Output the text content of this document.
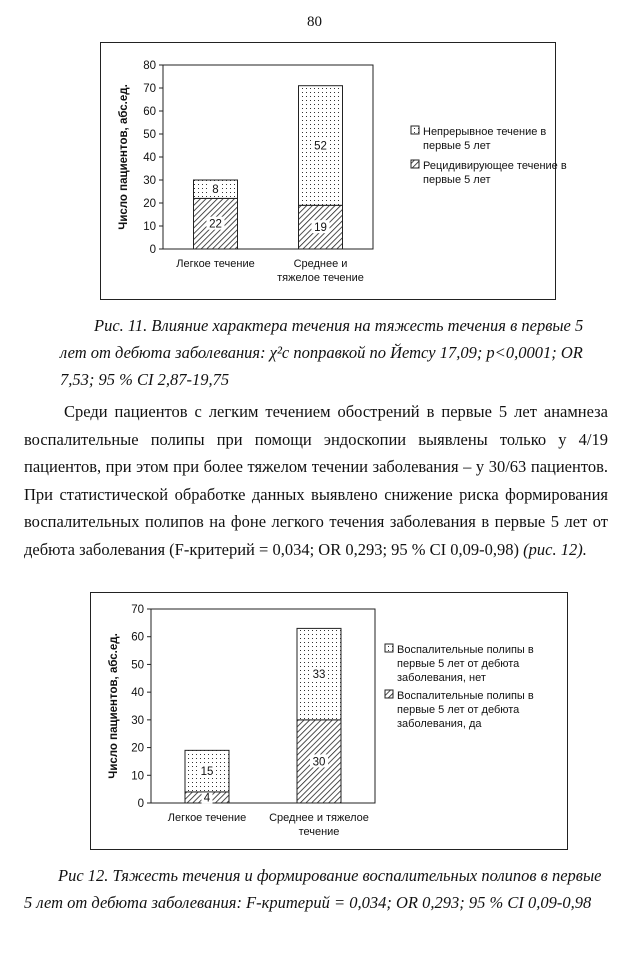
80
0
10
20
30
40
50
60
70
80
Число пациентов, абс.ед.	22
8
Легкое течение
19
52
Среднее и
тяжелое течение
Непрерывное течение в
первые 5 лет
Рецидивирующее течение в
первые 5 лет
Рис. 11. Влияние характера течения на тяжесть течения в первые 5 лет от дебюта заболевания: χ²с поправкой по Йетсу 17,09; p<0,0001; OR 7,53; 95 % CI 2,87-19,75
Среди пациентов с легким течением обострений в первые 5 лет анамнеза воспалительные полипы при помощи эндоскопии выявлены только у 4/19 пациентов, при этом при более тяжелом течении заболевания – у 30/63 пациентов. При статистической обработке данных выявлено снижение риска формирования воспалительных полипов на фоне легкого течения заболевания в первые 5 лет от дебюта заболевания (F-критерий = 0,034; OR 0,293; 95 % CI 0,09-0,98) (рис. 12).
0
10
20
30
40
50
60
70
Число пациентов, абс.ед.
4
15
Легкое течение
30
33
Среднее и тяжелое
течение
Воспалительные полипы в
первые 5 лет от дебюта
заболевания, нет
Воспалительные полипы в
первые 5 лет от дебюта
заболевания, да
Рис 12. Тяжесть течения и формирование воспалительных полипов в первые 5 лет от дебюта заболевания: F-критерий = 0,034; OR 0,293; 95 % CI 0,09-0,98
